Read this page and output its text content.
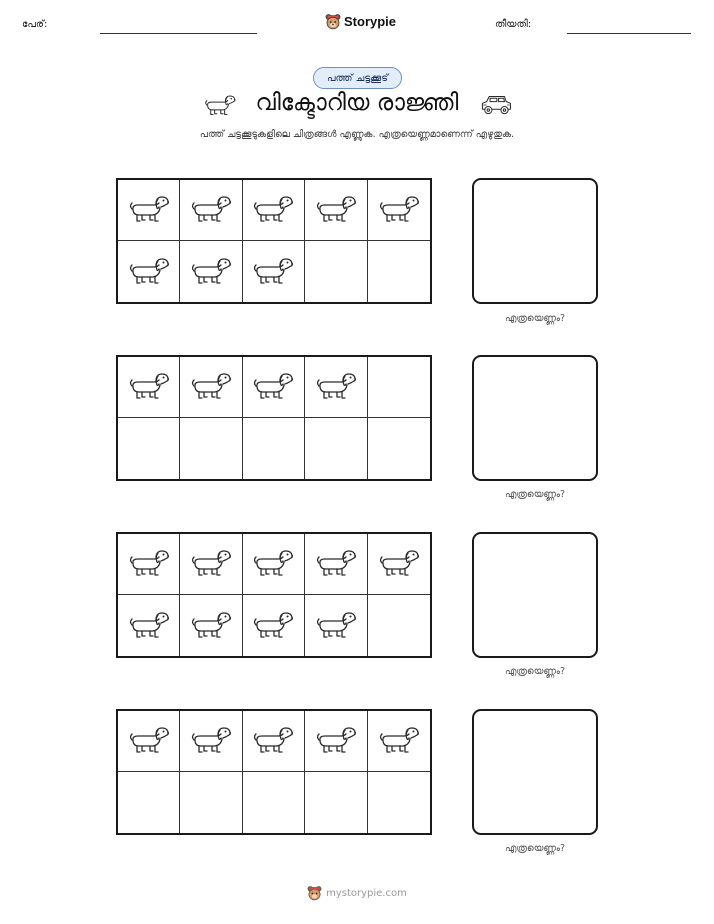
പേര്:	Storypie	തീയതി:
പത്ത് ചട്ടക്കൂട്
വിക്ടോറിയ രാജ്ഞി
പത്ത് ചട്ടക്കൂടുകളിലെ ചിത്രങ്ങൾ എണ്ണുക. എത്രയെണ്ണമാണെന്ന് എഴുതുക.
എത്രയെണ്ണം?
എത്രയെണ്ണം?
എത്രയെണ്ണം?
എത്രയെണ്ണം?
mystorypie.com
